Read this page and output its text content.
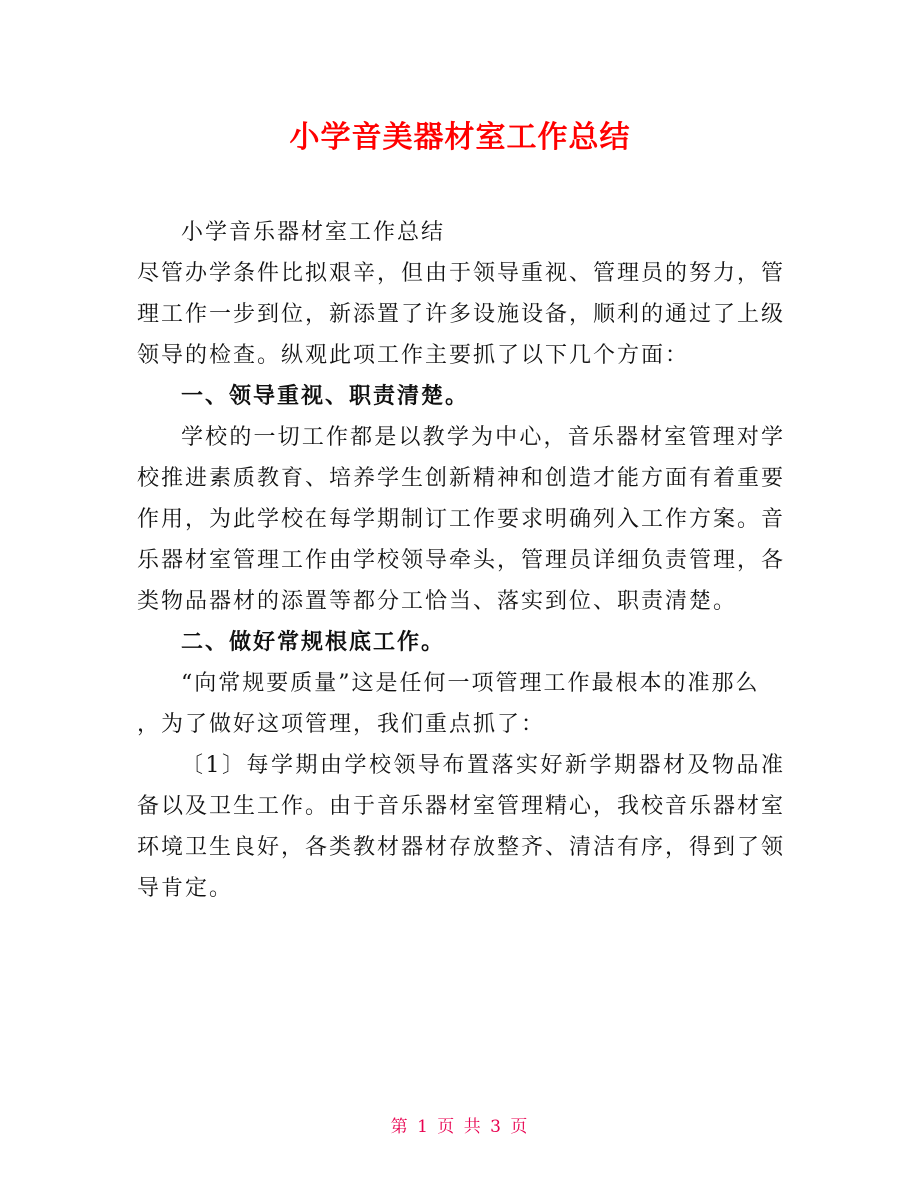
小学音美器材室工作总结

小学音乐器材室工作总结

尽管办学条件比拟艰辛，但由于领导重视、管理员的努力，管理工作一步到位，新添置了许多设施设备，顺利的通过了上级领导的检查。纵观此项工作主要抓了以下几个方面：

一、领导重视、职责清楚。

学校的一切工作都是以教学为中心，音乐器材室管理对学校推进素质教育、培养学生创新精神和创造才能方面有着重要作用，为此学校在每学期制订工作要求明确列入工作方案。音乐器材室管理工作由学校领导牵头，管理员详细负责管理，各类物品器材的添置等都分工恰当、落实到位、职责清楚。

二、做好常规根底工作。

“向常规要质量”这是任何一项管理工作最根本的准那么

，为了做好这项管理，我们重点抓了：

〔1〕每学期由学校领导布置落实好新学期器材及物品准备以及卫生工作。由于音乐器材室管理精心，我校音乐器材室环境卫生良好，各类教材器材存放整齐、清洁有序，得到了领导肯定。

第 1 页 共 3 页
